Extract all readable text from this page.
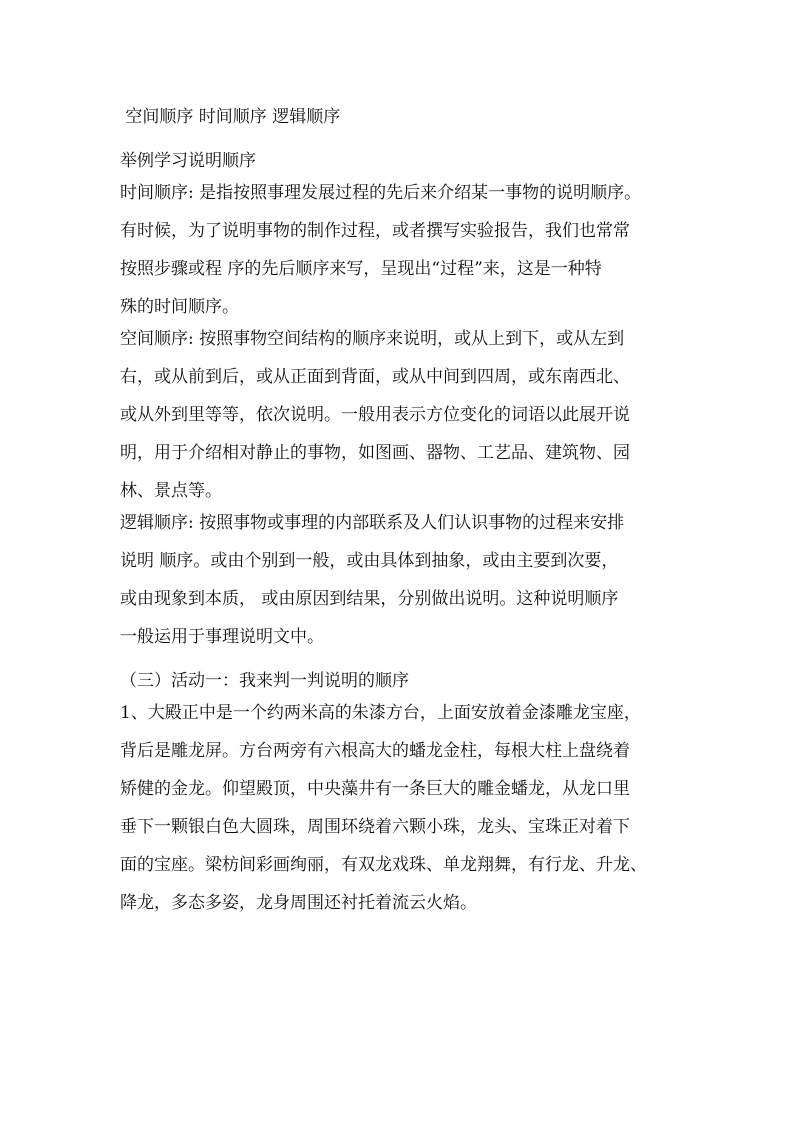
空间顺序 时间顺序 逻辑顺序
举例学习说明顺序
时间顺序: 是指按照事理发展过程的先后来介绍某一事物的说明顺序。
有时候，为了说明事物的制作过程，或者撰写实验报告，我们也常常
按照步骤或程 序的先后顺序来写，呈现出“过程”来，这是一种特
殊的时间顺序。
空间顺序: 按照事物空间结构的顺序来说明，或从上到下，或从左到
右，或从前到后，或从正面到背面，或从中间到四周，或东南西北、
或从外到里等等，依次说明。一般用表示方位变化的词语以此展开说
明，用于介绍相对静止的事物，如图画、器物、工艺品、建筑物、园
林、景点等。
逻辑顺序: 按照事物或事理的内部联系及人们认识事物的过程来安排
说明 顺序。或由个别到一般，或由具体到抽象，或由主要到次要，
或由现象到本质， 或由原因到结果，分别做出说明。这种说明顺序
一般运用于事理说明文中。
（三）活动一：我来判一判说明的顺序
1、大殿正中是一个约两米高的朱漆方台，上面安放着金漆雕龙宝座，
背后是雕龙屏。方台两旁有六根高大的蟠龙金柱，每根大柱上盘绕着
矫健的金龙。仰望殿顶，中央藻井有一条巨大的雕金蟠龙，从龙口里
垂下一颗银白色大圆珠，周围环绕着六颗小珠，龙头、宝珠正对着下
面的宝座。梁枋间彩画绚丽，有双龙戏珠、单龙翔舞，有行龙、升龙、
降龙，多态多姿，龙身周围还衬托着流云火焰。
